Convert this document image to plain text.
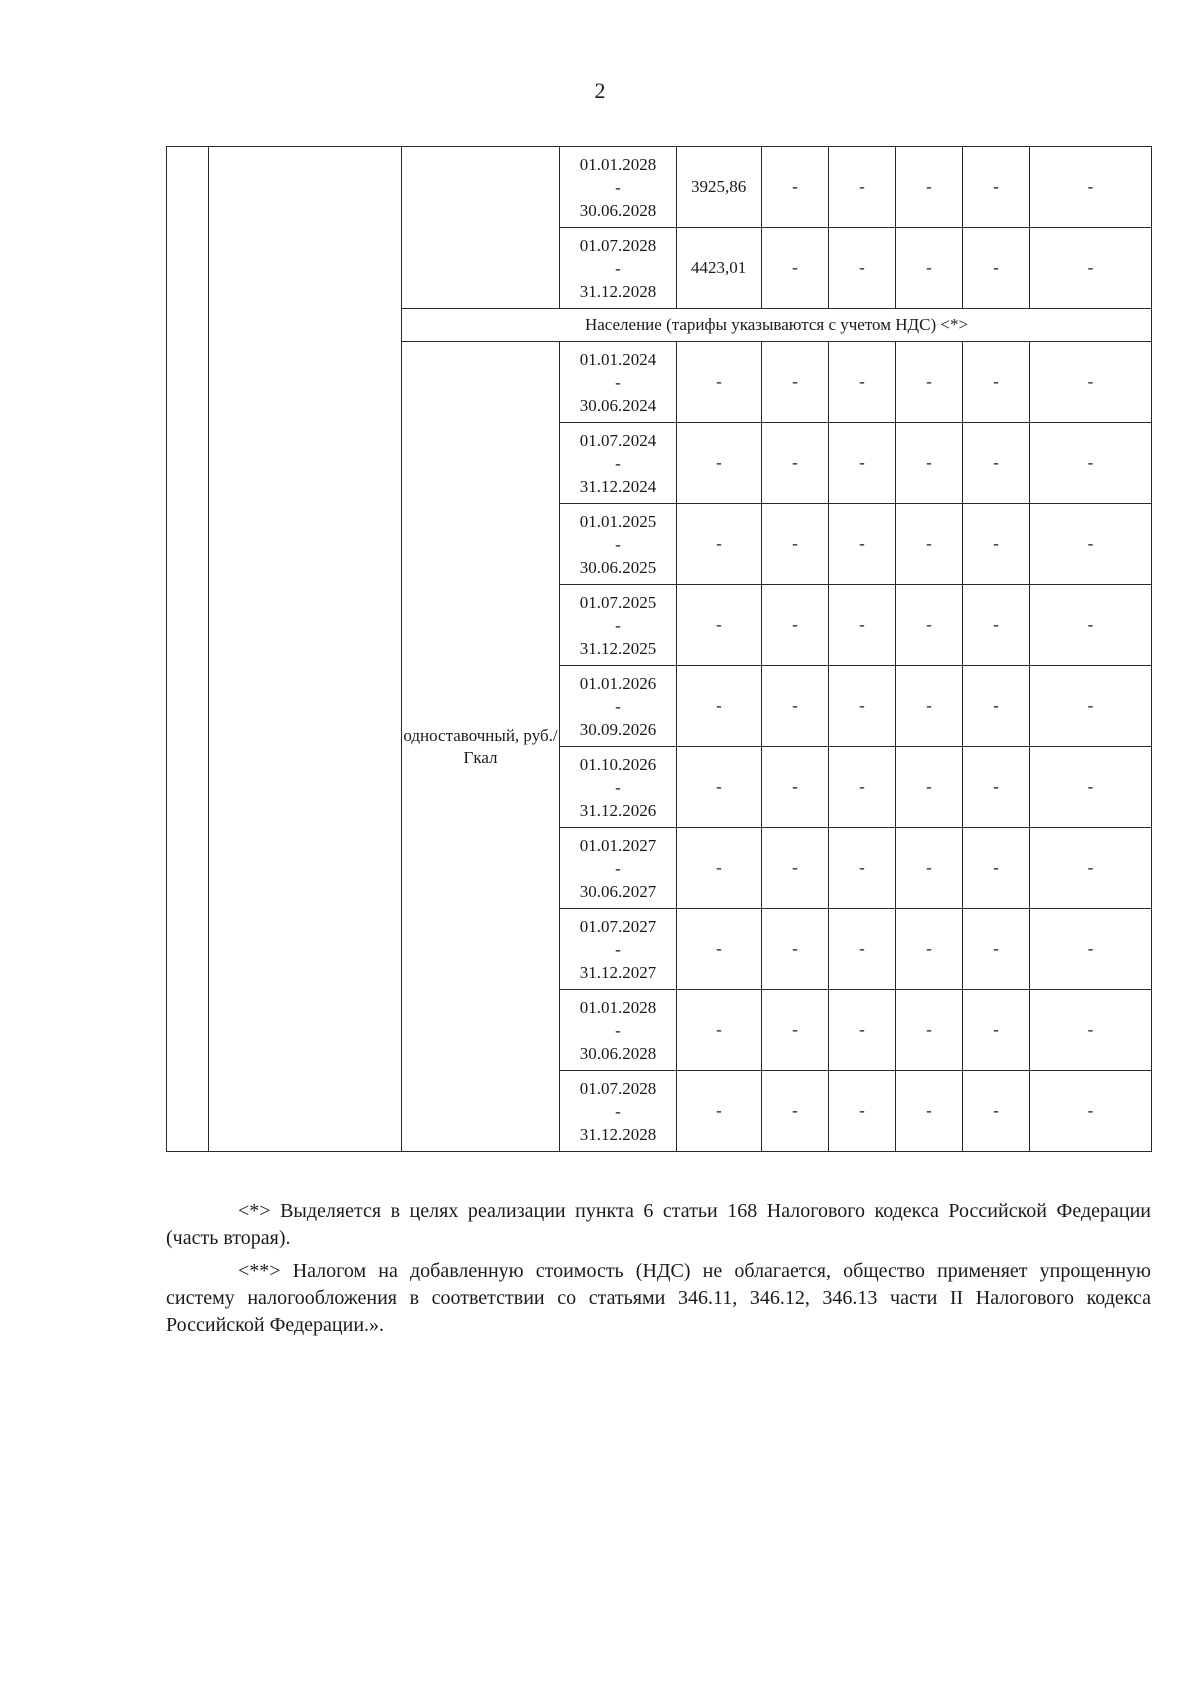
2

			01.01.2028
-
30.06.2028	3925,86	-	-	-	-	-

			01.07.2028
-
31.12.2028	4423,01	-	-	-	-	-
		Население (тарифы указываются с учетом НДС) <*>							
		одноставочный, руб./Гкал	01.01.2024
-
30.06.2024	-	-	-	-	-	-

			01.07.2024
-
31.12.2024	-	-	-	-	-	-

			01.01.2025
-
30.06.2025	-	-	-	-	-	-

			01.07.2025
-
31.12.2025	-	-	-	-	-	-

			01.01.2026
-
30.09.2026	-	-	-	-	-	-

			01.10.2026
-
31.12.2026	-	-	-	-	-	-

			01.01.2027
-
30.06.2027	-	-	-	-	-	-

			01.07.2027
-
31.12.2027	-	-	-	-	-	-

			01.01.2028
-
30.06.2028	-	-	-	-	-	-

			01.07.2028
-
31.12.2028	-	-	-	-	-	-

<*> Выделяется в целях реализации пункта 6 статьи 168 Налогового кодекса Российской Федерации (часть вторая).

<**> Налогом на добавленную стоимость (НДС) не облагается, общество применяет упрощенную систему налогообложения в соответствии со статьями 346.11, 346.12, 346.13 части II Налогового кодекса Российской Федерации.».
